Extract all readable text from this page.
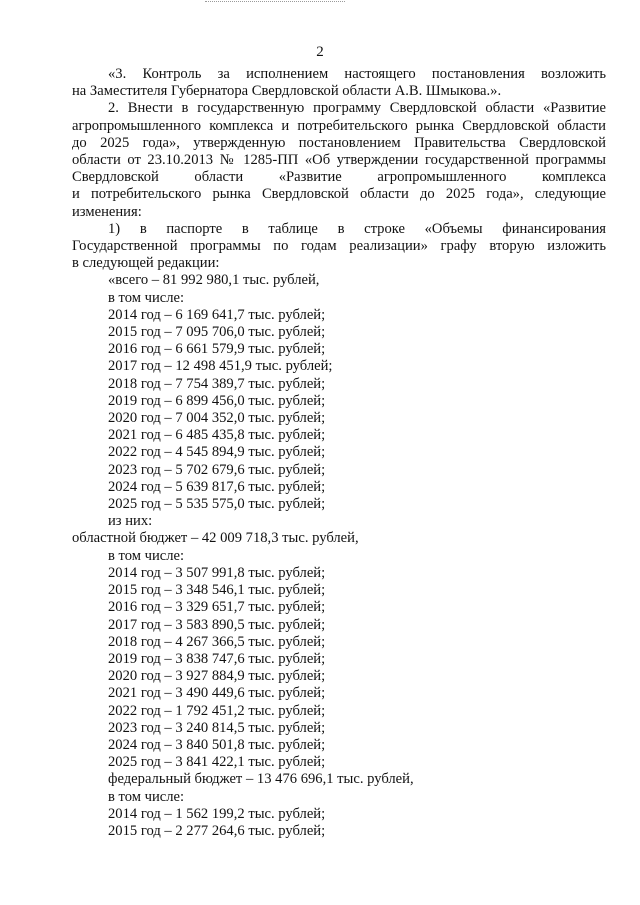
2

«3. Контроль за исполнением настоящего постановления возложить

на Заместителя Губернатора Свердловской области А.В. Шмыкова.».

2. Внести в государственную программу Свердловской области «Развитие

агропромышленного комплекса и потребительского рынка Свердловской области

до 2025 года», утвержденную постановлением Правительства Свердловской

области от 23.10.2013 № 1285-ПП «Об утверждении государственной программы

Свердловской области «Развитие агропромышленного комплекса

и потребительского рынка Свердловской области до 2025 года», следующие

изменения:

1) в паспорте в таблице в строке «Объемы финансирования

Государственной программы по годам реализации» графу вторую изложить

в следующей редакции:

«всего – 81 992 980,1 тыс. рублей,

в том числе:

2014 год – 6 169 641,7 тыс. рублей;

2015 год – 7 095 706,0 тыс. рублей;

2016 год – 6 661 579,9 тыс. рублей;

2017 год – 12 498 451,9 тыс. рублей;

2018 год – 7 754 389,7 тыс. рублей;

2019 год – 6 899 456,0 тыс. рублей;

2020 год – 7 004 352,0 тыс. рублей;

2021 год – 6 485 435,8 тыс. рублей;

2022 год – 4 545 894,9 тыс. рублей;

2023 год – 5 702 679,6 тыс. рублей;

2024 год – 5 639 817,6 тыс. рублей;

2025 год – 5 535 575,0 тыс. рублей;

из них:

областной бюджет – 42 009 718,3 тыс. рублей,

в том числе:

2014 год – 3 507 991,8 тыс. рублей;

2015 год – 3 348 546,1 тыс. рублей;

2016 год – 3 329 651,7 тыс. рублей;

2017 год – 3 583 890,5 тыс. рублей;

2018 год – 4 267 366,5 тыс. рублей;

2019 год – 3 838 747,6 тыс. рублей;

2020 год – 3 927 884,9 тыс. рублей;

2021 год – 3 490 449,6 тыс. рублей;

2022 год – 1 792 451,2 тыс. рублей;

2023 год – 3 240 814,5 тыс. рублей;

2024 год – 3 840 501,8 тыс. рублей;

2025 год – 3 841 422,1 тыс. рублей;

федеральный бюджет – 13 476 696,1 тыс. рублей,

в том числе:

2014 год – 1 562 199,2 тыс. рублей;

2015 год – 2 277 264,6 тыс. рублей;
